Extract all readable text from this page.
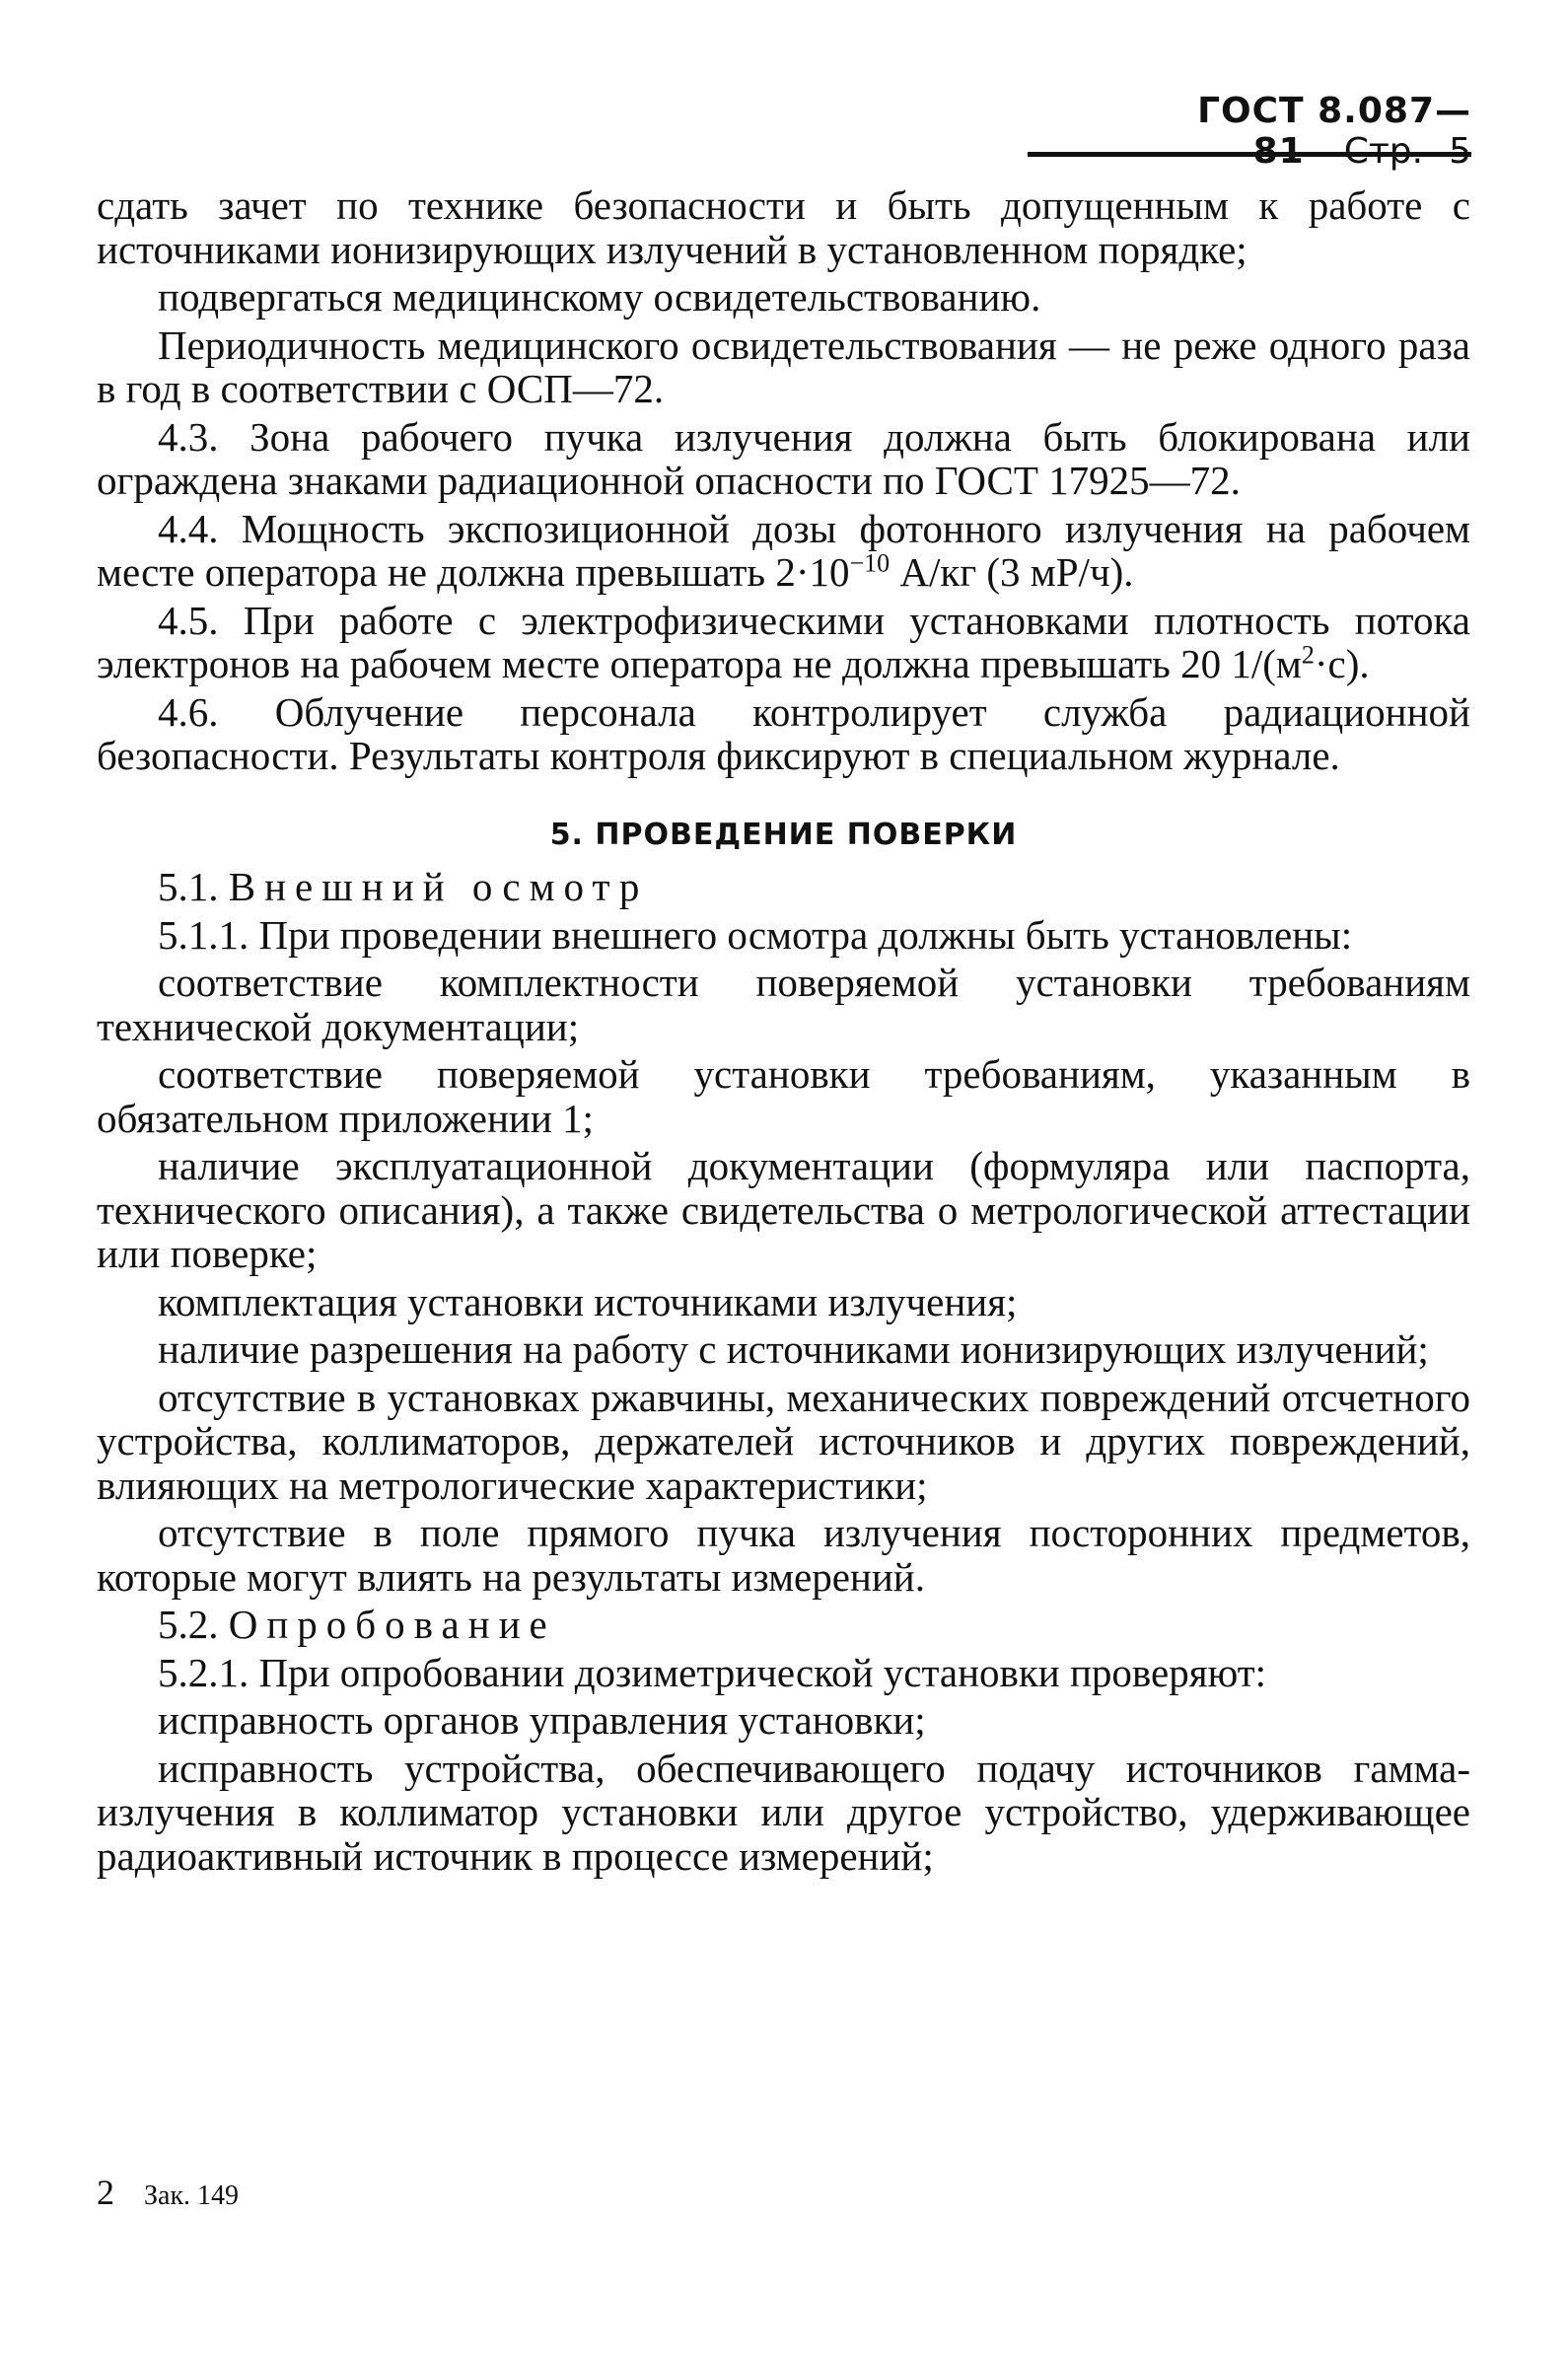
ГОСТ 8.087—81 Стр. 5

сдать зачет по технике безопасности и быть допущенным к работе с источниками ионизирующих излучений в установленном порядке;

подвергаться медицинскому освидетельствованию.

Периодичность медицинского освидетельствования — не реже одного раза в год в соответствии с ОСП—72.

4.3. Зона рабочего пучка излучения должна быть блокирована или ограждена знаками радиационной опасности по ГОСТ 17925—72.

4.4. Мощность экспозиционной дозы фотонного излучения на рабочем месте оператора не должна превышать $2\cdot 10^{-10}$ А/кг (3 мР/ч).

4.5. При работе с электрофизическими установками плотность потока электронов на рабочем месте оператора не должна превышать 20 $1/(м^2\cdot с)$.

4.6. Облучение персонала контролирует служба радиационной безопасности. Результаты контроля фиксируют в специальном журнале.

5. ПРОВЕДЕНИЕ ПОВЕРКИ

5.1. Внешний осмотр

5.1.1. При проведении внешнего осмотра должны быть установлены:

соответствие комплектности поверяемой установки требованиям технической документации;

соответствие поверяемой установки требованиям, указанным в обязательном приложении 1;

наличие эксплуатационной документации (формуляра или паспорта, технического описания), а также свидетельства о метрологической аттестации или поверке;

комплектация установки источниками излучения;

наличие разрешения на работу с источниками ионизирующих излучений;

отсутствие в установках ржавчины, механических повреждений отсчетного устройства, коллиматоров, держателей источников и других повреждений, влияющих на метрологические характеристики;

отсутствие в поле прямого пучка излучения посторонних предметов, которые могут влиять на результаты измерений.

5.2. Опробование

5.2.1. При опробовании дозиметрической установки проверяют:

исправность органов управления установки;

исправность устройства, обеспечивающего подачу источников гамма-излучения в коллиматор установки или другое устройство, удерживающее радиоактивный источник в процессе измерений;

2 Зак. 149
